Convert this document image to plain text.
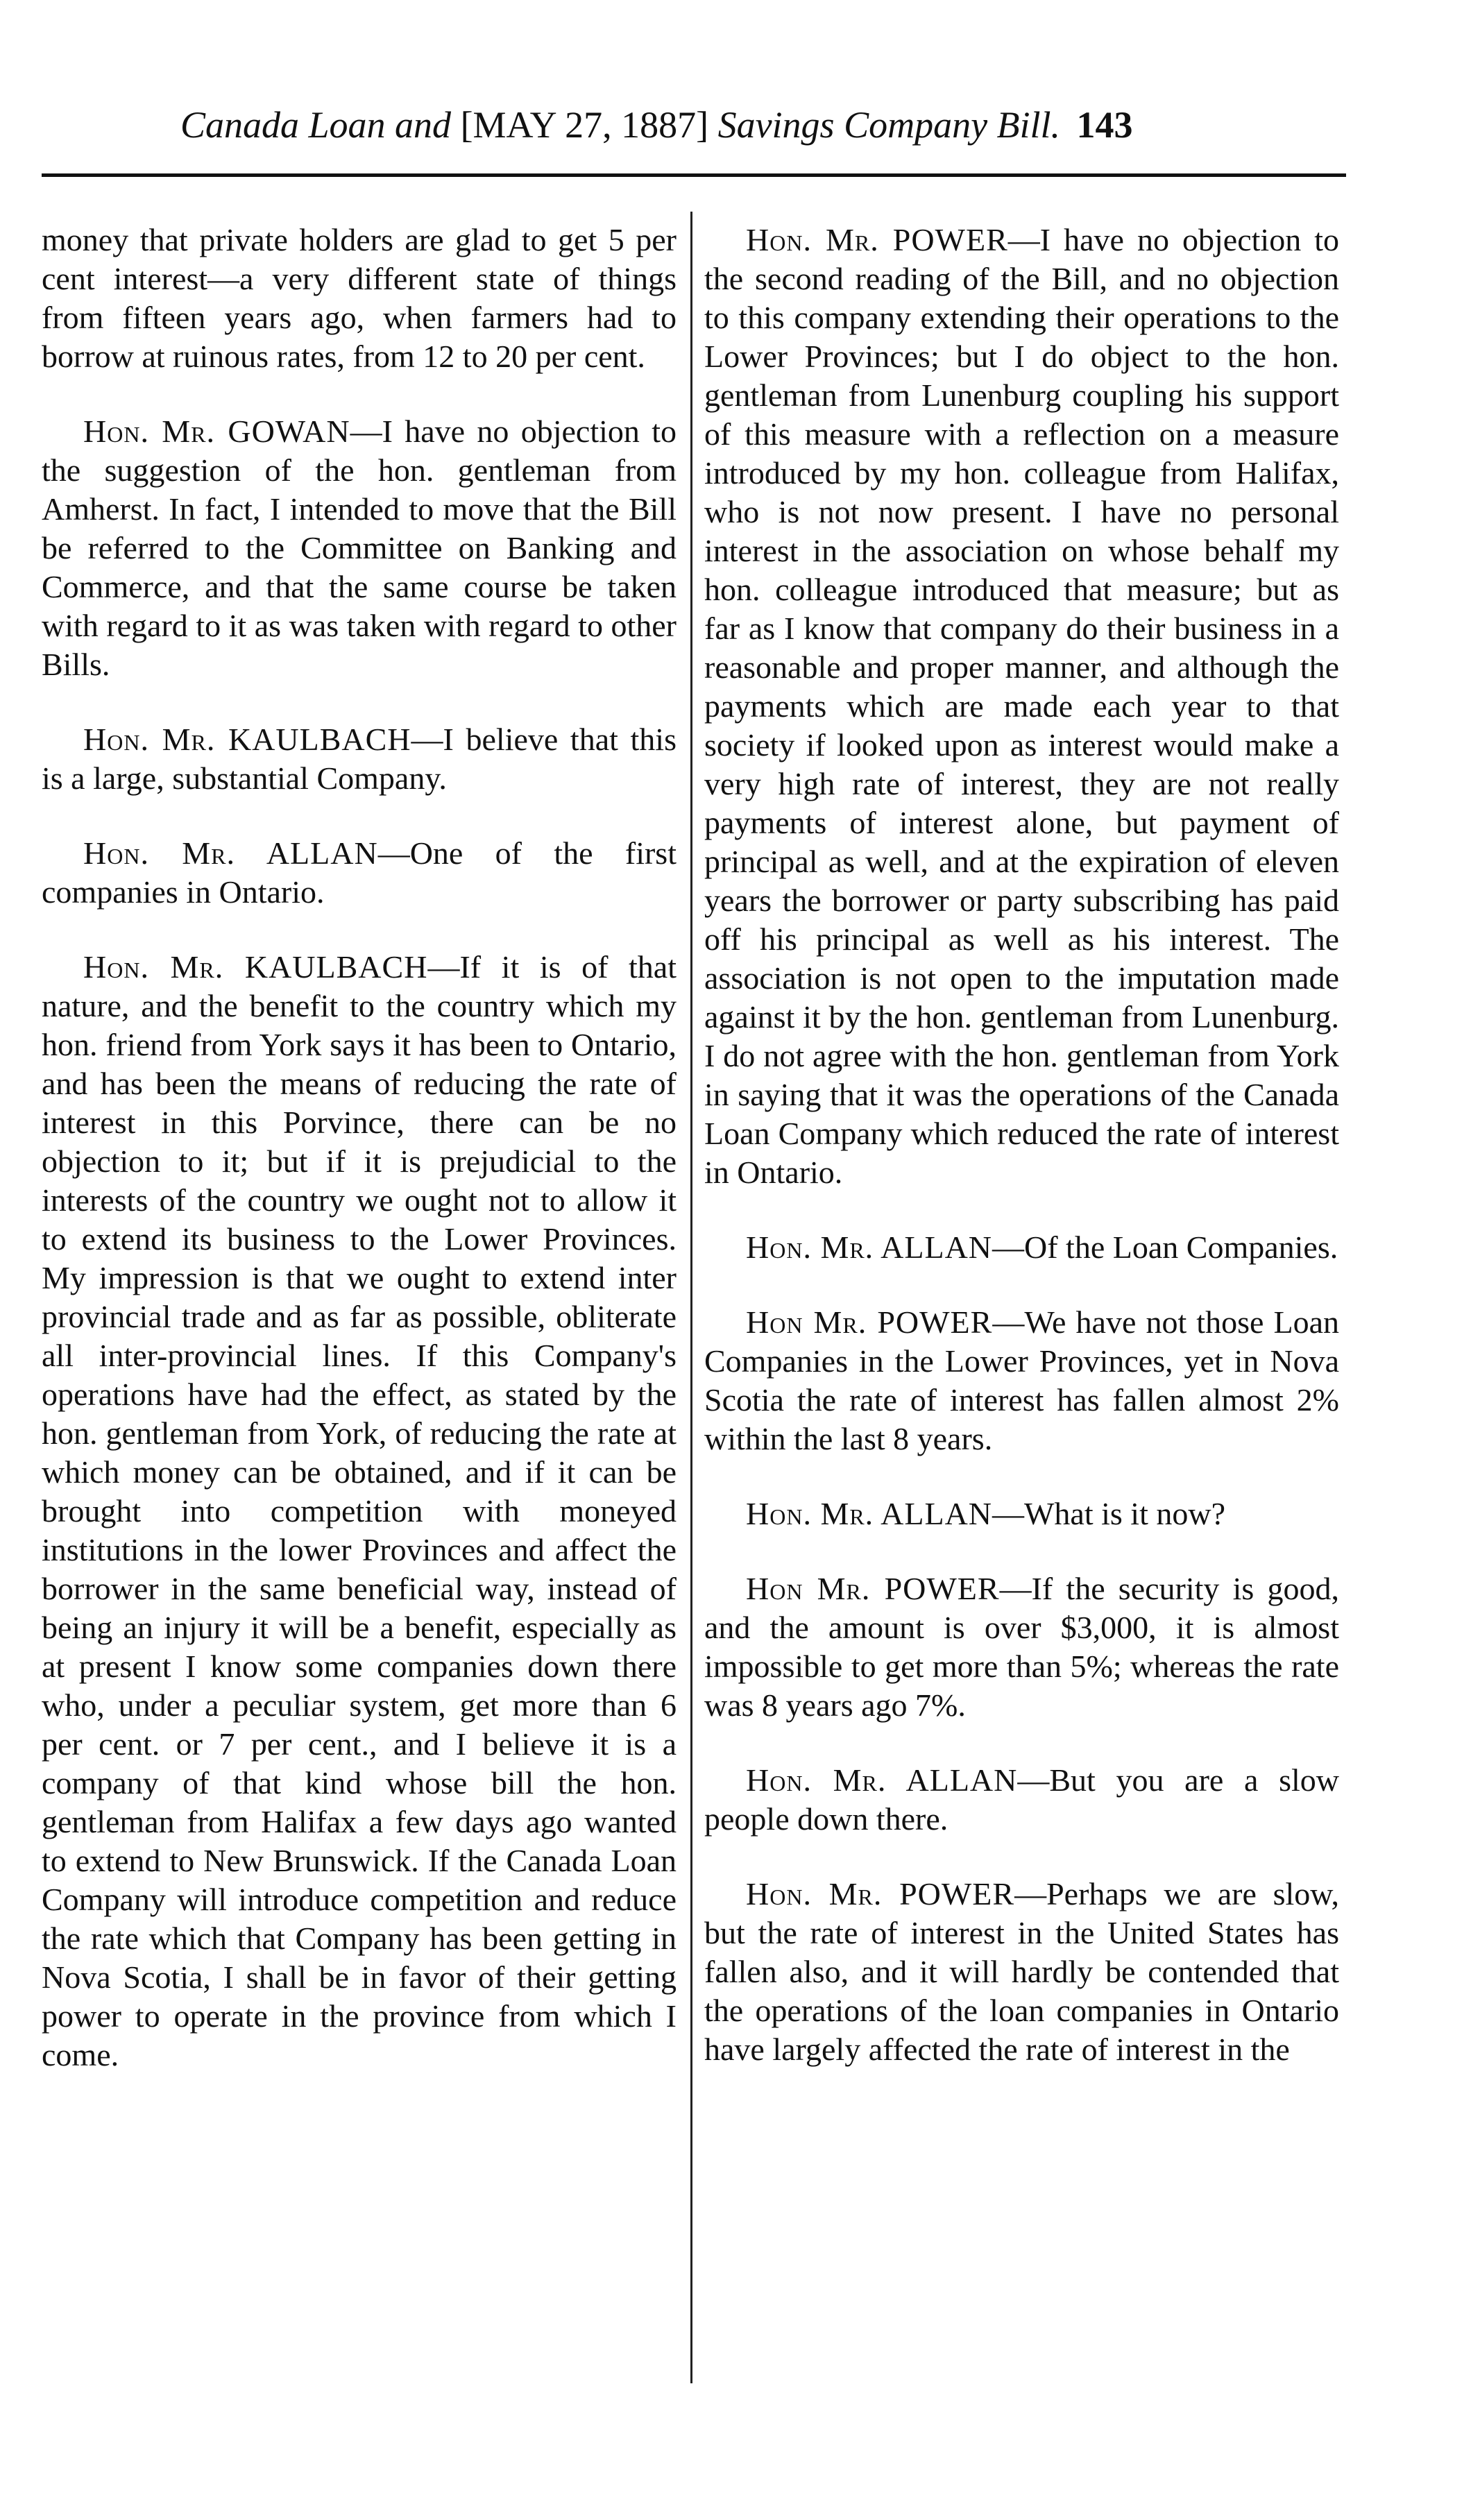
Canada Loan and [MAY 27, 1887] Savings Company Bill. 143

money that private holders are glad to get 5 per cent interest—a very different state of things from fifteen years ago, when farmers had to borrow at ruinous rates, from 12 to 20 per cent.

Hon. Mr. GOWAN—I have no objection to the suggestion of the hon. gentleman from Amherst. In fact, I intended to move that the Bill be referred to the Committee on Banking and Commerce, and that the same course be taken with regard to it as was taken with regard to other Bills.

Hon. Mr. KAULBACH—I believe that this is a large, substantial Company.

Hon. Mr. ALLAN—One of the first companies in Ontario.

Hon. Mr. KAULBACH—If it is of that nature, and the benefit to the country which my hon. friend from York says it has been to Ontario, and has been the means of reducing the rate of interest in this Porvince, there can be no objection to it; but if it is prejudicial to the interests of the country we ought not to allow it to extend its business to the Lower Provinces. My impression is that we ought to extend inter provincial trade and as far as possible, obliterate all inter-provincial lines. If this Company's operations have had the effect, as stated by the hon. gentleman from York, of reducing the rate at which money can be obtained, and if it can be brought into competition with moneyed institutions in the lower Provinces and affect the borrower in the same beneficial way, instead of being an injury it will be a benefit, especially as at present I know some companies down there who, under a peculiar system, get more than 6 per cent. or 7 per cent., and I believe it is a company of that kind whose bill the hon. gentleman from Halifax a few days ago wanted to extend to New Brunswick. If the Canada Loan Company will introduce competition and reduce the rate which that Company has been getting in Nova Scotia, I shall be in favor of their getting power to operate in the province from which I come.

Hon. Mr. POWER—I have no objection to the second reading of the Bill, and no objection to this company extending their operations to the Lower Provinces; but I do object to the hon. gentleman from Lunenburg coupling his support of this measure with a reflection on a measure introduced by my hon. colleague from Halifax, who is not now present. I have no personal interest in the association on whose behalf my hon. colleague introduced that measure; but as far as I know that company do their business in a reasonable and proper manner, and although the payments which are made each year to that society if looked upon as interest would make a very high rate of interest, they are not really payments of interest alone, but payment of principal as well, and at the expiration of eleven years the borrower or party subscribing has paid off his principal as well as his interest. The association is not open to the imputation made against it by the hon. gentleman from Lunenburg. I do not agree with the hon. gentleman from York in saying that it was the operations of the Canada Loan Company which reduced the rate of interest in Ontario.

Hon. Mr. ALLAN—Of the Loan Companies.

Hon Mr. POWER—We have not those Loan Companies in the Lower Provinces, yet in Nova Scotia the rate of interest has fallen almost 2% within the last 8 years.

Hon. Mr. ALLAN—What is it now?

Hon Mr. POWER—If the security is good, and the amount is over $3,000, it is almost impossible to get more than 5%; whereas the rate was 8 years ago 7%.

Hon. Mr. ALLAN—But you are a slow people down there.

Hon. Mr. POWER—Perhaps we are slow, but the rate of interest in the United States has fallen also, and it will hardly be contended that the operations of the loan companies in Ontario have largely affected the rate of interest in the
